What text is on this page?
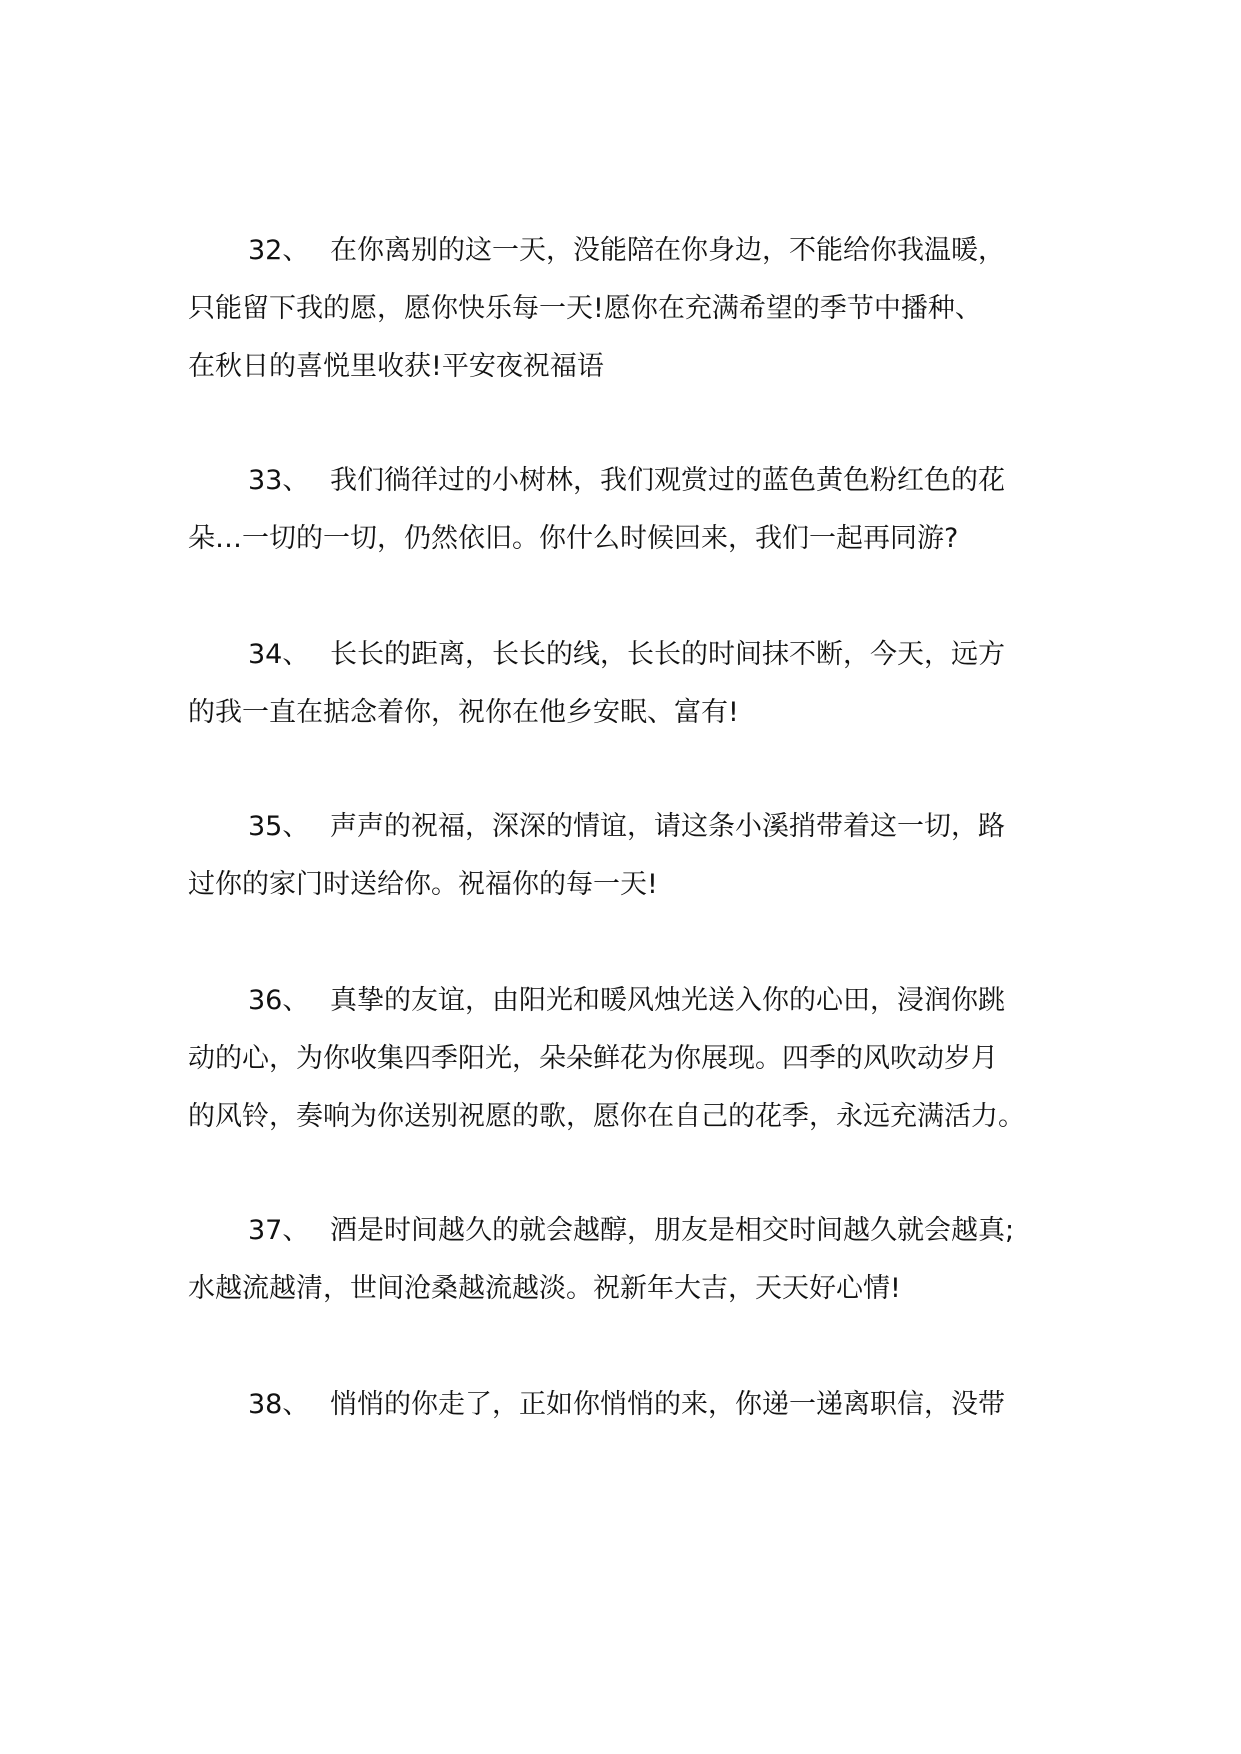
32、 在你离别的这一天，没能陪在你身边，不能给你我温暖，
只能留下我的愿，愿你快乐每一天!愿你在充满希望的季节中播种、
在秋日的喜悦里收获!平安夜祝福语
33、 我们徜徉过的小树林，我们观赏过的蓝色黄色粉红色的花
朵…一切的一切，仍然依旧。你什么时候回来，我们一起再同游?
34、 长长的距离，长长的线，长长的时间抹不断，今天，远方
的我一直在掂念着你，祝你在他乡安眠、富有!
35、 声声的祝福，深深的情谊，请这条小溪捎带着这一切，路
过你的家门时送给你。祝福你的每一天!
36、 真挚的友谊，由阳光和暖风烛光送入你的心田，浸润你跳
动的心，为你收集四季阳光，朵朵鲜花为你展现。四季的风吹动岁月
的风铃，奏响为你送别祝愿的歌，愿你在自己的花季，永远充满活力。
37、 酒是时间越久的就会越醇，朋友是相交时间越久就会越真;
水越流越清，世间沧桑越流越淡。祝新年大吉，天天好心情!
38、 悄悄的你走了，正如你悄悄的来，你递一递离职信，没带
